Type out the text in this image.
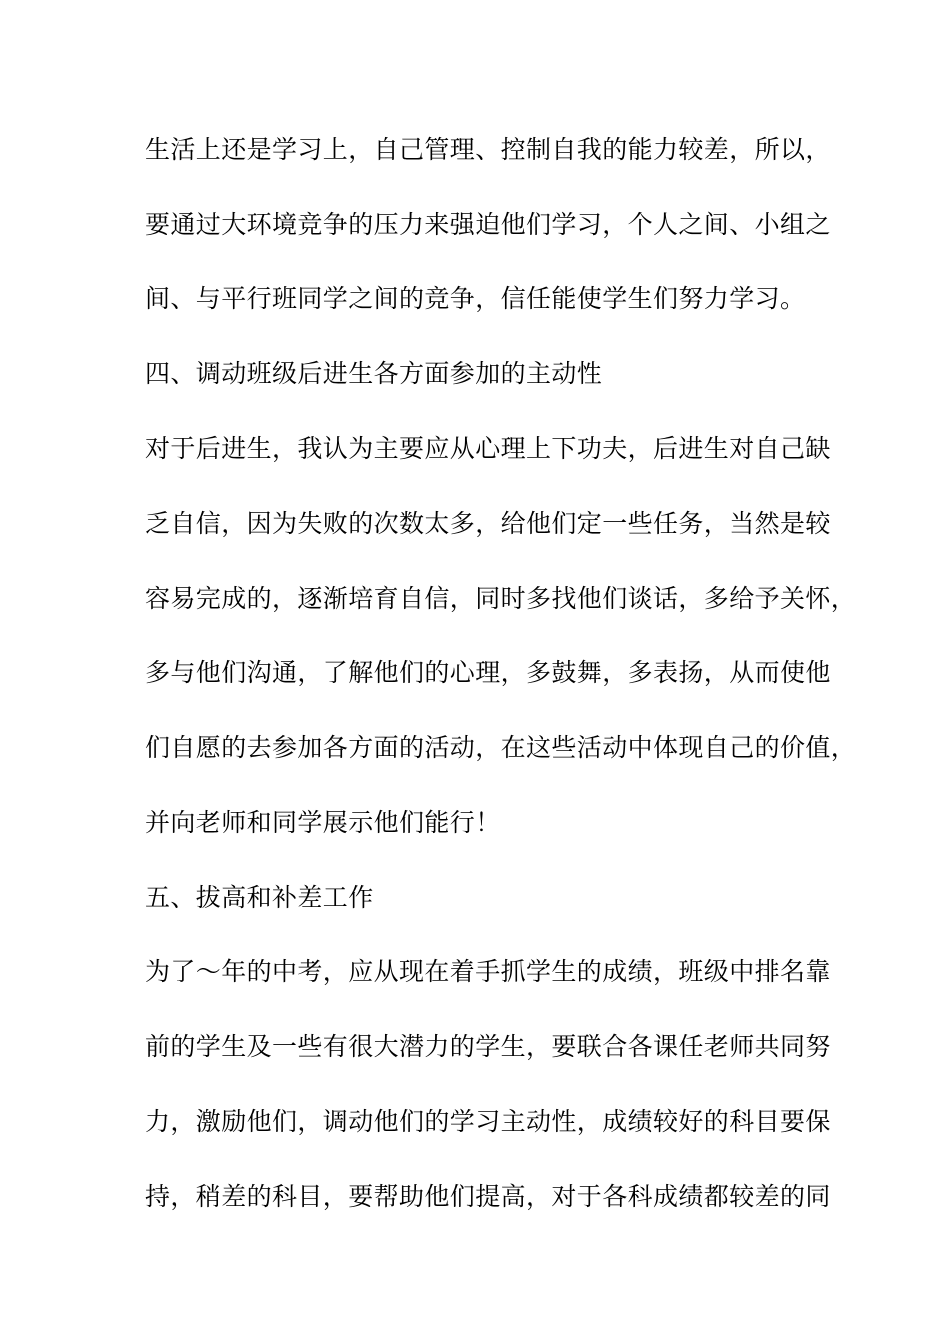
生活上还是学习上，自己管理、控制自我的能力较差，所以，
要通过大环境竞争的压力来强迫他们学习，个人之间、小组之
间、与平行班同学之间的竞争，信任能使学生们努力学习。
四、调动班级后进生各方面参加的主动性
对于后进生，我认为主要应从心理上下功夫，后进生对自己缺
乏自信，因为失败的次数太多，给他们定一些任务，当然是较
容易完成的，逐渐培育自信，同时多找他们谈话，多给予关怀，
多与他们沟通，了解他们的心理，多鼓舞，多表扬，从而使他
们自愿的去参加各方面的活动，在这些活动中体现自己的价值，
并向老师和同学展示他们能行！
五、拔高和补差工作
为了～年的中考，应从现在着手抓学生的成绩，班级中排名靠
前的学生及一些有很大潜力的学生，要联合各课任老师共同努
力，激励他们，调动他们的学习主动性，成绩较好的科目要保
持，稍差的科目，要帮助他们提高，对于各科成绩都较差的同
